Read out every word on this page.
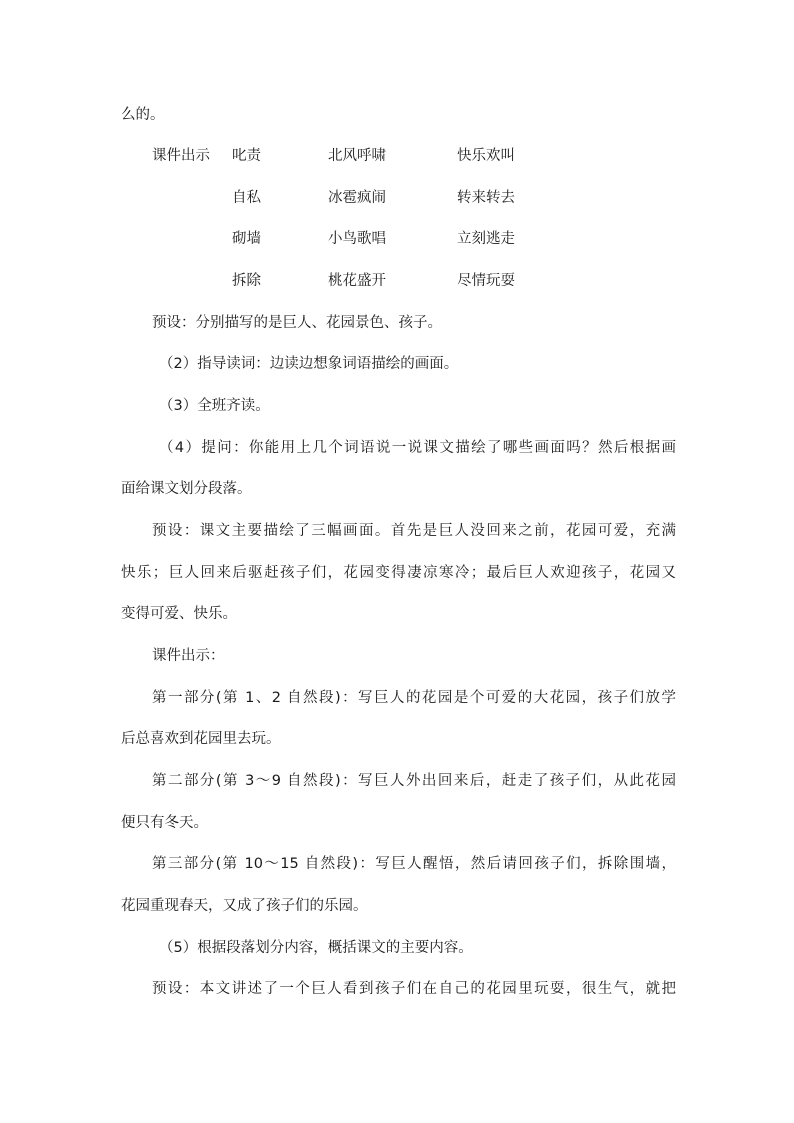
么的。
课件出示 叱责	北风呼啸	快乐欢叫
自私	冰雹疯闹	转来转去
砌墙	小鸟歌唱	立刻逃走
拆除	桃花盛开	尽情玩耍
预设：分别描写的是巨人、花园景色、孩子。
（2）指导读词：边读边想象词语描绘的画面。
（3）全班齐读。
（4）提问：你能用上几个词语说一说课文描绘了哪些画面吗？然后根据画
面给课文划分段落。
预设：课文主要描绘了三幅画面。首先是巨人没回来之前，花园可爱，充满
快乐；巨人回来后驱赶孩子们，花园变得凄凉寒冷；最后巨人欢迎孩子，花园又
变得可爱、快乐。
课件出示：
第一部分(第 1、2 自然段)：写巨人的花园是个可爱的大花园，孩子们放学
后总喜欢到花园里去玩。
第二部分(第 3～9 自然段)：写巨人外出回来后，赶走了孩子们，从此花园
便只有冬天。
第三部分(第 10～15 自然段)：写巨人醒悟，然后请回孩子们，拆除围墙，
花园重现春天，又成了孩子们的乐园。
（5）根据段落划分内容，概括课文的主要内容。
预设：本文讲述了一个巨人看到孩子们在自己的花园里玩耍，很生气，就把
